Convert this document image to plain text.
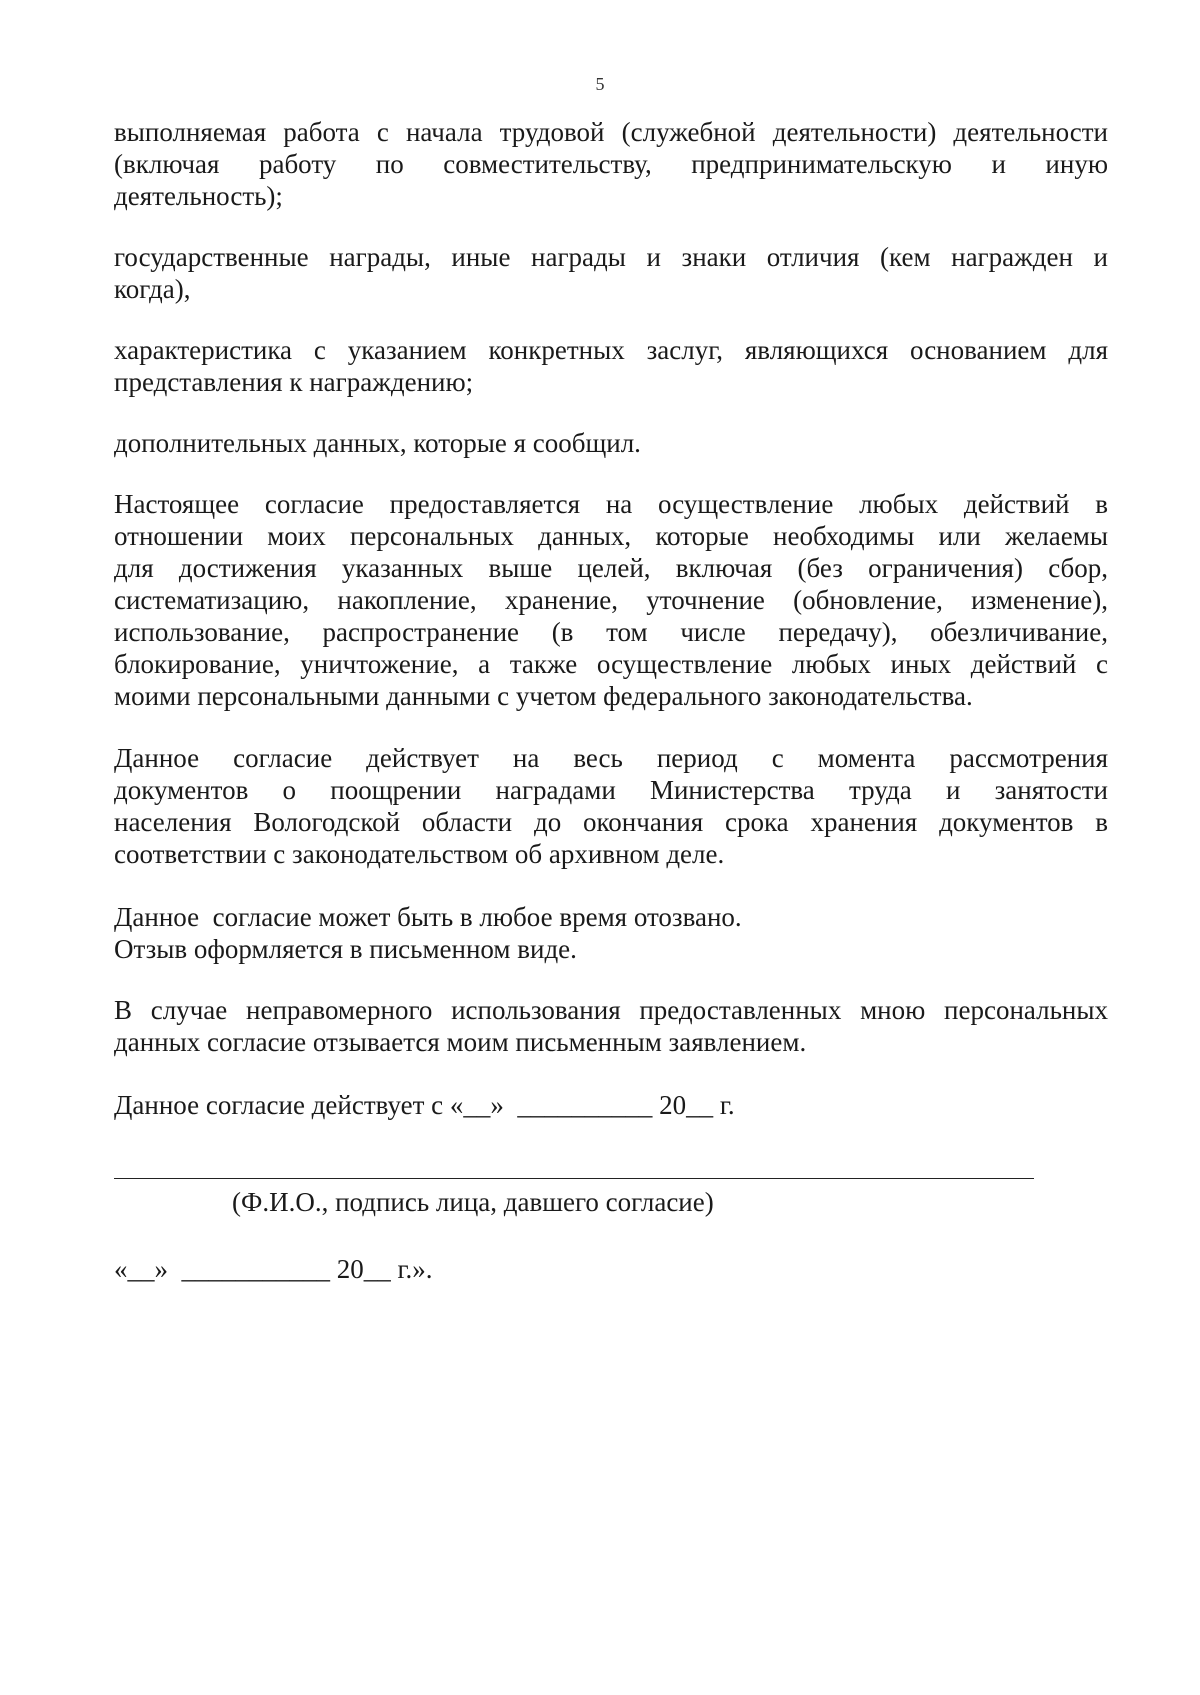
5
выполняемая работа с начала трудовой (служебной деятельности) деятельности
(включая работу по совместительству, предпринимательскую и иную
деятельность);
государственные награды, иные награды и знаки отличия (кем награжден и
когда),
характеристика с указанием конкретных заслуг, являющихся основанием для
представления к награждению;
дополнительных данных, которые я сообщил.
Настоящее согласие предоставляется на осуществление любых действий в
отношении моих персональных данных, которые необходимы или желаемы
для достижения указанных выше целей, включая (без ограничения) сбор,
систематизацию, накопление, хранение, уточнение (обновление, изменение),
использование, распространение (в том числе передачу), обезличивание,
блокирование, уничтожение, а также осуществление любых иных действий с
моими персональными данными с учетом федерального законодательства.
Данное согласие действует на весь период с момента рассмотрения
документов о поощрении наградами Министерства труда и занятости
населения Вологодской области до окончания срока хранения документов в
соответствии с законодательством об архивном деле.
Данное  согласие может быть в любое время отозвано.
Отзыв оформляется в письменном виде.
В случае неправомерного использования предоставленных мною персональных
данных согласие отзывается моим письменным заявлением.
Данное согласие действует с «__»  __________ 20__ г.
(Ф.И.О., подпись лица, давшего согласие)
«__»  ___________ 20__ г.».
